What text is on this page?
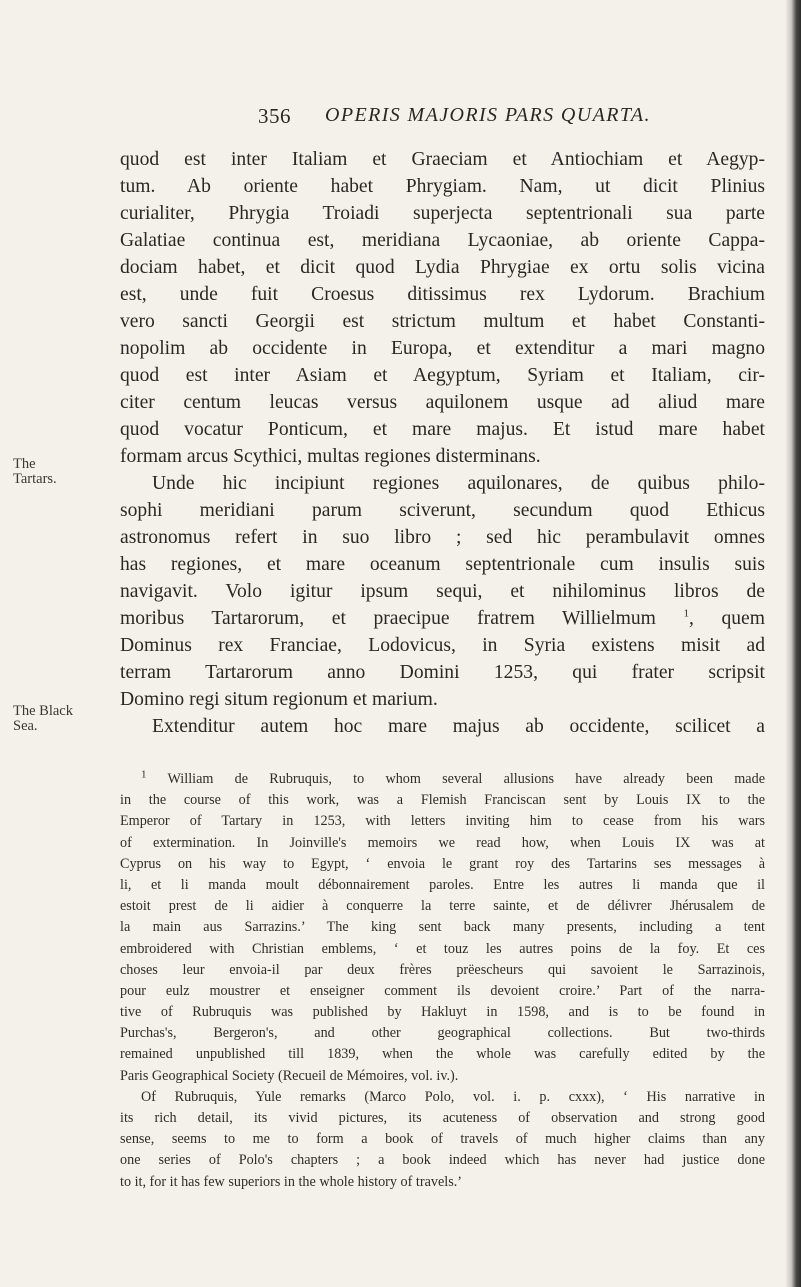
356 OPERIS MAJORIS PARS QUARTA.
The
Tartars.
The Black
Sea.
quod est inter Italiam et Graeciam et Antiochiam et Aegyp-
tum. Ab oriente habet Phrygiam. Nam, ut dicit Plinius
curialiter, Phrygia Troiadi superjecta septentrionali sua parte
Galatiae continua est, meridiana Lycaoniae, ab oriente Cappa-
dociam habet, et dicit quod Lydia Phrygiae ex ortu solis vicina
est, unde fuit Croesus ditissimus rex Lydorum. Brachium
vero sancti Georgii est strictum multum et habet Constanti-
nopolim ab occidente in Europa, et extenditur a mari magno
quod est inter Asiam et Aegyptum, Syriam et Italiam, cir-
citer centum leucas versus aquilonem usque ad aliud mare
quod vocatur Ponticum, et mare majus. Et istud mare habet
formam arcus Scythici, multas regiones disterminans.
Unde hic incipiunt regiones aquilonares, de quibus philo-
sophi meridiani parum sciverunt, secundum quod Ethicus
astronomus refert in suo libro ; sed hic perambulavit omnes
has regiones, et mare oceanum septentrionale cum insulis suis
navigavit. Volo igitur ipsum sequi, et nihilominus libros de
moribus Tartarorum, et praecipue fratrem Willielmum	$^1$, quem
Dominus rex Franciae, Lodovicus, in Syria existens misit ad
terram Tartarorum anno Domini 1253, qui frater scripsit
Domino regi situm regionum et marium.
Extenditur autem hoc mare majus ab occidente, scilicet a
$^1$ William de Rubruquis, to whom several allusions have already been made
in the course of this work, was a Flemish Franciscan sent by Louis IX to the
Emperor of Tartary in 1253, with letters inviting him to cease from his wars
of extermination. In Joinville's memoirs we read how, when Louis IX was at
Cyprus on his way to Egypt, ‘ envoia le grant roy des Tartarins ses messages à
li, et li manda moult débonnairement paroles. Entre les autres li manda que il
estoit prest de li aidier à conquerre la terre sainte, et de délivrer Jhérusalem de
la main aus Sarrazins.’ The king sent back many presents, including a tent
embroidered with Christian emblems, ‘ et touz les autres poins de la foy. Et ces
choses leur envoia-il par deux frères prëescheurs qui savoient le Sarrazinois,
pour eulz moustrer et enseigner comment ils devoient croire.’ Part of the narra-
tive of Rubruquis was published by Hakluyt in 1598, and is to be found in
Purchas's, Bergeron's, and other geographical collections. But two-thirds
remained unpublished till 1839, when the whole was carefully edited by the
Paris Geographical Society (Recueil de Mémoires, vol. iv.).
Of Rubruquis, Yule remarks (Marco Polo, vol. i. p. cxxx), ‘ His narrative in
its rich detail, its vivid pictures, its acuteness of observation and strong good
sense, seems to me to form a book of travels of much higher claims than any
one series of Polo's chapters ; a book indeed which has never had justice done
to it, for it has few superiors in the whole history of travels.’
